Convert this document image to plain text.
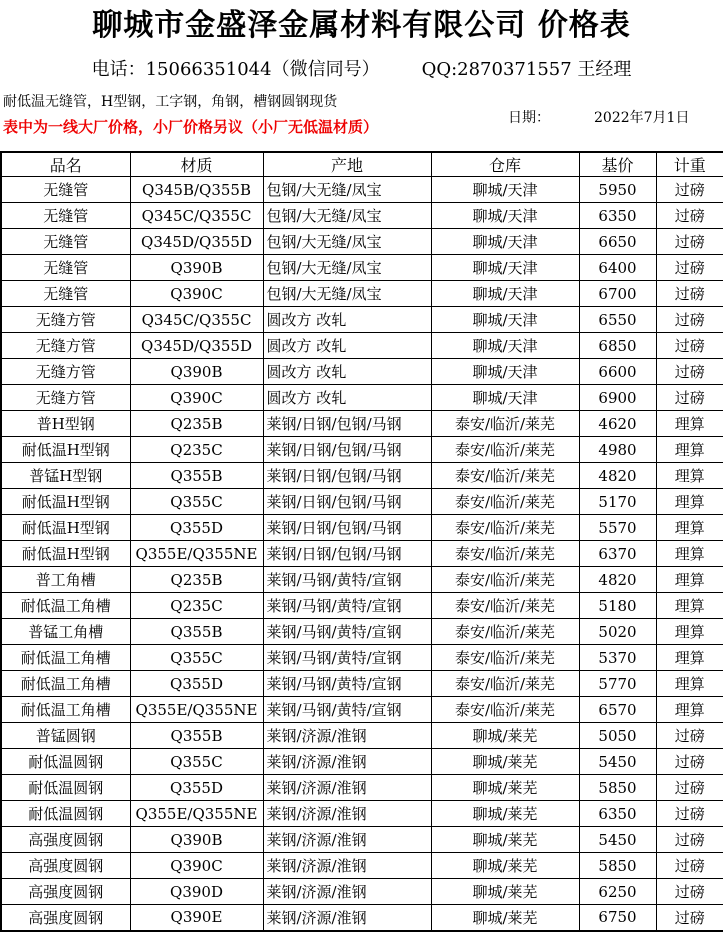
聊城市金盛泽金属材料有限公司 价格表
电话：15066351044（微信同号） QQ:2870371557 王经理
耐低温无缝管，H型钢，工字钢，角钢，槽钢圆钢现货
表中为一线大厂价格，小厂价格另议（小厂无低温材质）
日期：	2022年7月1日
品名	材质	产地	仓库	基价	计重
无缝管	Q345B/Q355B	包钢/大无缝/凤宝	聊城/天津	5950	过磅
无缝管	Q345C/Q355C	包钢/大无缝/凤宝	聊城/天津	6350	过磅
无缝管	Q345D/Q355D	包钢/大无缝/凤宝	聊城/天津	6650	过磅
无缝管	Q390B	包钢/大无缝/凤宝	聊城/天津	6400	过磅
无缝管	Q390C	包钢/大无缝/凤宝	聊城/天津	6700	过磅
无缝方管	Q345C/Q355C	圆改方 改轧	聊城/天津	6550	过磅
无缝方管	Q345D/Q355D	圆改方 改轧	聊城/天津	6850	过磅
无缝方管	Q390B	圆改方 改轧	聊城/天津	6600	过磅
无缝方管	Q390C	圆改方 改轧	聊城/天津	6900	过磅
普H型钢	Q235B	莱钢/日钢/包钢/马钢	泰安/临沂/莱芜	4620	理算
耐低温H型钢	Q235C	莱钢/日钢/包钢/马钢	泰安/临沂/莱芜	4980	理算
普锰H型钢	Q355B	莱钢/日钢/包钢/马钢	泰安/临沂/莱芜	4820	理算
耐低温H型钢	Q355C	莱钢/日钢/包钢/马钢	泰安/临沂/莱芜	5170	理算
耐低温H型钢	Q355D	莱钢/日钢/包钢/马钢	泰安/临沂/莱芜	5570	理算
耐低温H型钢	Q355E/Q355NE	莱钢/日钢/包钢/马钢	泰安/临沂/莱芜	6370	理算
普工角槽	Q235B	莱钢/马钢/黄特/宣钢	泰安/临沂/莱芜	4820	理算
耐低温工角槽	Q235C	莱钢/马钢/黄特/宣钢	泰安/临沂/莱芜	5180	理算
普锰工角槽	Q355B	莱钢/马钢/黄特/宣钢	泰安/临沂/莱芜	5020	理算
耐低温工角槽	Q355C	莱钢/马钢/黄特/宣钢	泰安/临沂/莱芜	5370	理算
耐低温工角槽	Q355D	莱钢/马钢/黄特/宣钢	泰安/临沂/莱芜	5770	理算
耐低温工角槽	Q355E/Q355NE	莱钢/马钢/黄特/宣钢	泰安/临沂/莱芜	6570	理算
普锰圆钢	Q355B	莱钢/济源/淮钢	聊城/莱芜	5050	过磅
耐低温圆钢	Q355C	莱钢/济源/淮钢	聊城/莱芜	5450	过磅
耐低温圆钢	Q355D	莱钢/济源/淮钢	聊城/莱芜	5850	过磅
耐低温圆钢	Q355E/Q355NE	莱钢/济源/淮钢	聊城/莱芜	6350	过磅
高强度圆钢	Q390B	莱钢/济源/淮钢	聊城/莱芜	5450	过磅
高强度圆钢	Q390C	莱钢/济源/淮钢	聊城/莱芜	5850	过磅
高强度圆钢	Q390D	莱钢/济源/淮钢	聊城/莱芜	6250	过磅
高强度圆钢	Q390E	莱钢/济源/淮钢	聊城/莱芜	6750	过磅
